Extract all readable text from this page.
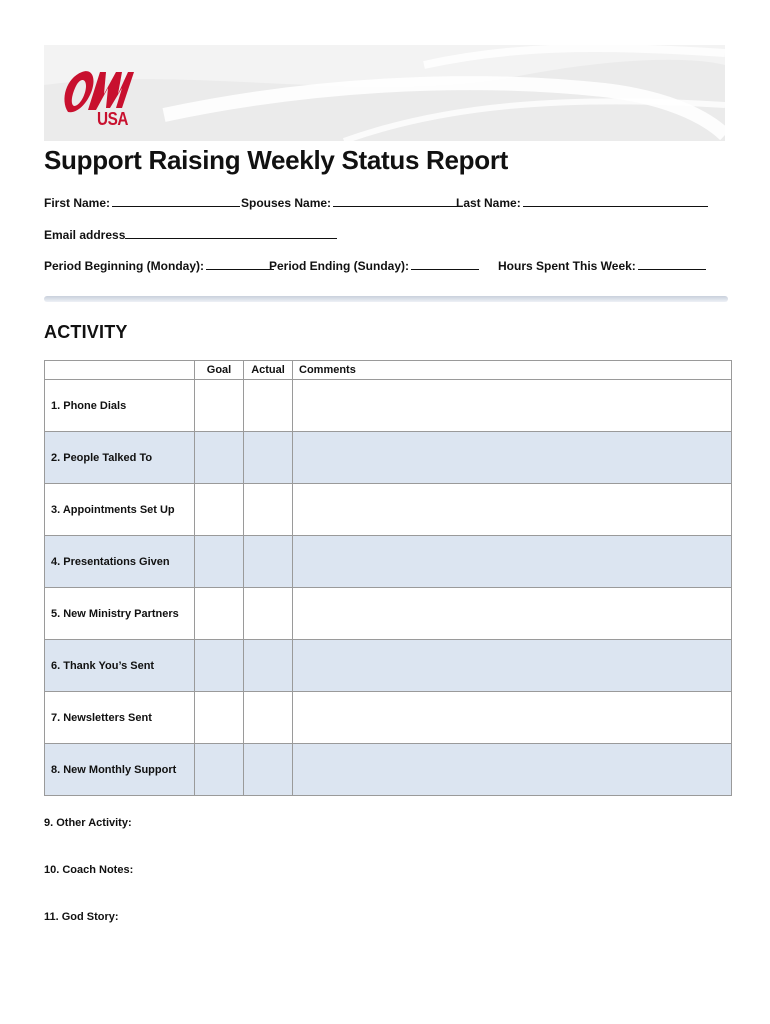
USA
Support Raising Weekly Status Report
First Name:	Spouses Name:	Last Name:
Email address
Period Beginning (Monday):	Period Ending (Sunday):	Hours Spent This Week:
ACTIVITY
	Goal	Actual	Comments
1. Phone Dials			
2. People Talked To			
3. Appointments Set Up			
4. Presentations Given			
5. New Ministry Partners			
6. Thank You’s Sent			
7. Newsletters Sent			
8. New Monthly Support			
9. Other Activity:
10. Coach Notes:
11. God Story:
